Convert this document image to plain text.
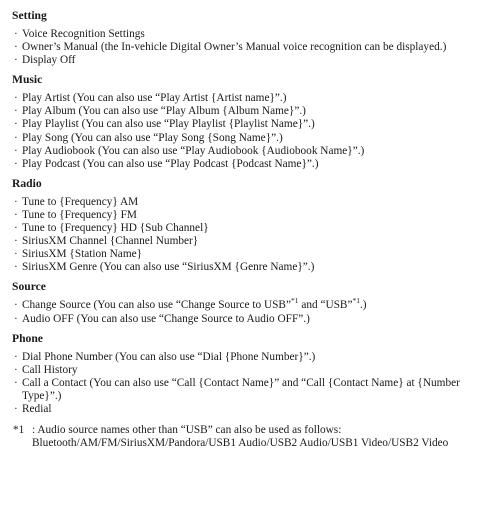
Setting
· Voice Recognition Settings
· Owner’s Manual (the In-vehicle Digital Owner’s Manual voice recognition can be displayed.)
· Display Off
Music
· Play Artist (You can also use “Play Artist {Artist name}”.)
· Play Album (You can also use “Play Album {Album Name}”.)
· Play Playlist (You can also use “Play Playlist {Playlist Name}”.)
· Play Song (You can also use “Play Song {Song Name}”.)
· Play Audiobook (You can also use “Play Audiobook {Audiobook Name}”.)
· Play Podcast (You can also use “Play Podcast {Podcast Name}”.)
Radio
· Tune to {Frequency} AM
· Tune to {Frequency} FM
· Tune to {Frequency} HD {Sub Channel}
· SiriusXM Channel {Channel Number}
· SiriusXM {Station Name}
· SiriusXM Genre (You can also use “SiriusXM {Genre Name}”.)
Source
· Change Source (You can also use “Change Source to USB”$^{*1}$ and “USB”$^{*1}$.)
· Audio OFF (You can also use “Change Source to Audio OFF”.)
Phone
· Dial Phone Number (You can also use “Dial {Phone Number}”.)
· Call History
· Call a Contact (You can also use “Call {Contact Name}” and “Call {Contact Name} at {Number Type}”.)
· Redial
*1 : Audio source names other than “USB” can also be used as follows: Bluetooth/AM/FM/SiriusXM/Pandora/USB1 Audio/USB2 Audio/USB1 Video/USB2 Video
